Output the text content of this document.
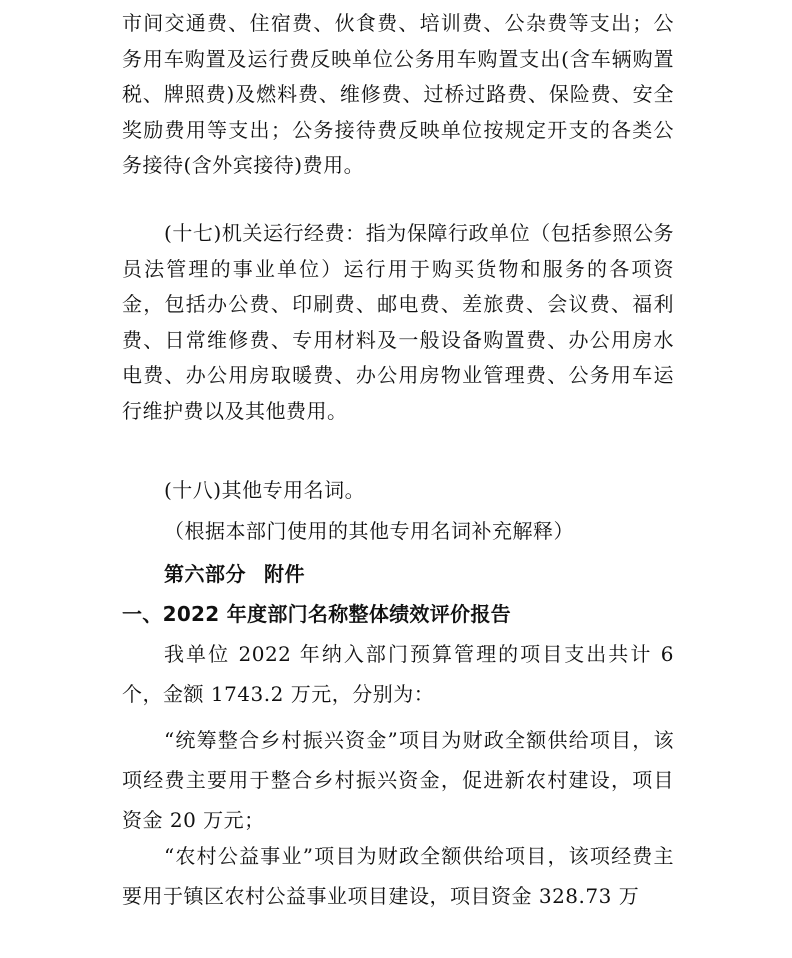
市间交通费、住宿费、伙食费、培训费、公杂费等支出；公务用车购置及运行费反映单位公务用车购置支出(含车辆购置税、牌照费)及燃料费、维修费、过桥过路费、保险费、安全奖励费用等支出；公务接待费反映单位按规定开支的各类公务接待(含外宾接待)费用。

(十七)机关运行经费：指为保障行政单位（包括参照公务员法管理的事业单位）运行用于购买货物和服务的各项资金，包括办公费、印刷费、邮电费、差旅费、会议费、福利费、日常维修费、专用材料及一般设备购置费、办公用房水电费、办公用房取暖费、办公用房物业管理费、公务用车运行维护费以及其他费用。

(十八)其他专用名词。

（根据本部门使用的其他专用名词补充解释）

第六部分 附件
一、2022 年度部门名称整体绩效评价报告

我单位 2022 年纳入部门预算管理的项目支出共计 6 个，金额 1743.2 万元，分别为：

“统筹整合乡村振兴资金”项目为财政全额供给项目，该项经费主要用于整合乡村振兴资金，促进新农村建设，项目资金 20 万元；

“农村公益事业”项目为财政全额供给项目，该项经费主要用于镇区农村公益事业项目建设，项目资金 328.73 万
